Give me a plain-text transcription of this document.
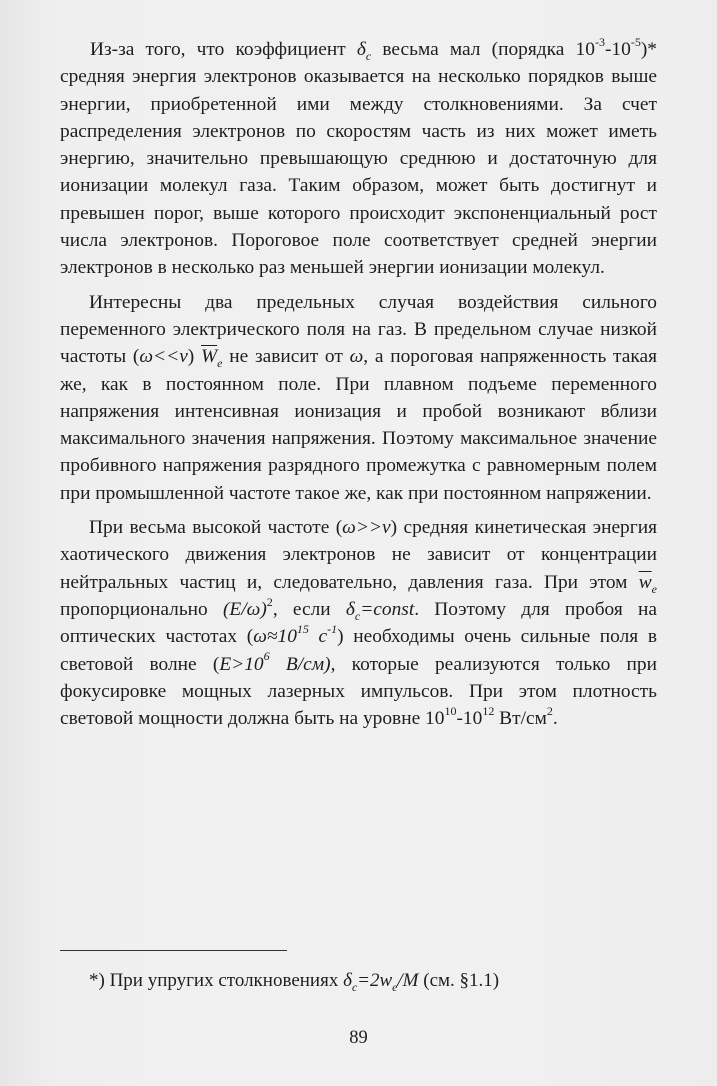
Из-за того, что коэффициент $\delta_c$ весьма мал (порядка $10^{-3}-10^{-5})*$ средняя энергия электронов оказывается на несколько порядков выше энергии, приобретенной ими между столкновениями. За счет распределения электронов по скоростям часть из них может иметь энергию, значительно превышающую среднюю и достаточную для ионизации молекул газа. Таким образом, может быть достигнут и превышен порог, выше которого происходит экспоненциальный рост числа электронов. Пороговое поле соответствует средней энергии электронов в несколько раз меньшей энергии ионизации молекул.

Интересны два предельных случая воздействия сильного переменного электрического поля на газ. В предельном случае низкой частоты (ω<<ν) $\overline{W}_e$ не зависит от ω, а пороговая напряженность такая же, как в постоянном поле. При плавном подъеме переменного напряжения интенсивная ионизация и пробой возникают вблизи максимального значения напряжения. Поэтому максимальное значение пробивного напряжения разрядного промежутка с равномерным полем при промышленной частоте такое же, как при постоянном напряжении.

При весьма высокой частоте (ω>>ν) средняя кинетическая энергия хаотического движения электронов не зависит от концентрации нейтральных частиц и, следовательно, давления газа. При этом $\overline{w}_e$ пропорционально $(E/\omega)^2$, если $\delta_c=const$. Поэтому для пробоя на оптических частотах ($\omega\approx 10^{15}$ $c^{-1}$) необходимы очень сильные поля в световой волне ($E>10^6$ В/см), которые реализуются только при фокусировке мощных лазерных импульсов. При этом плотность световой мощности должна быть на уровне $10^{10}-10^{12}$ $Вт/см^2$.

*) При упругих столкновениях $\delta_c=2w_e/M$ (см. §1.1)
89
